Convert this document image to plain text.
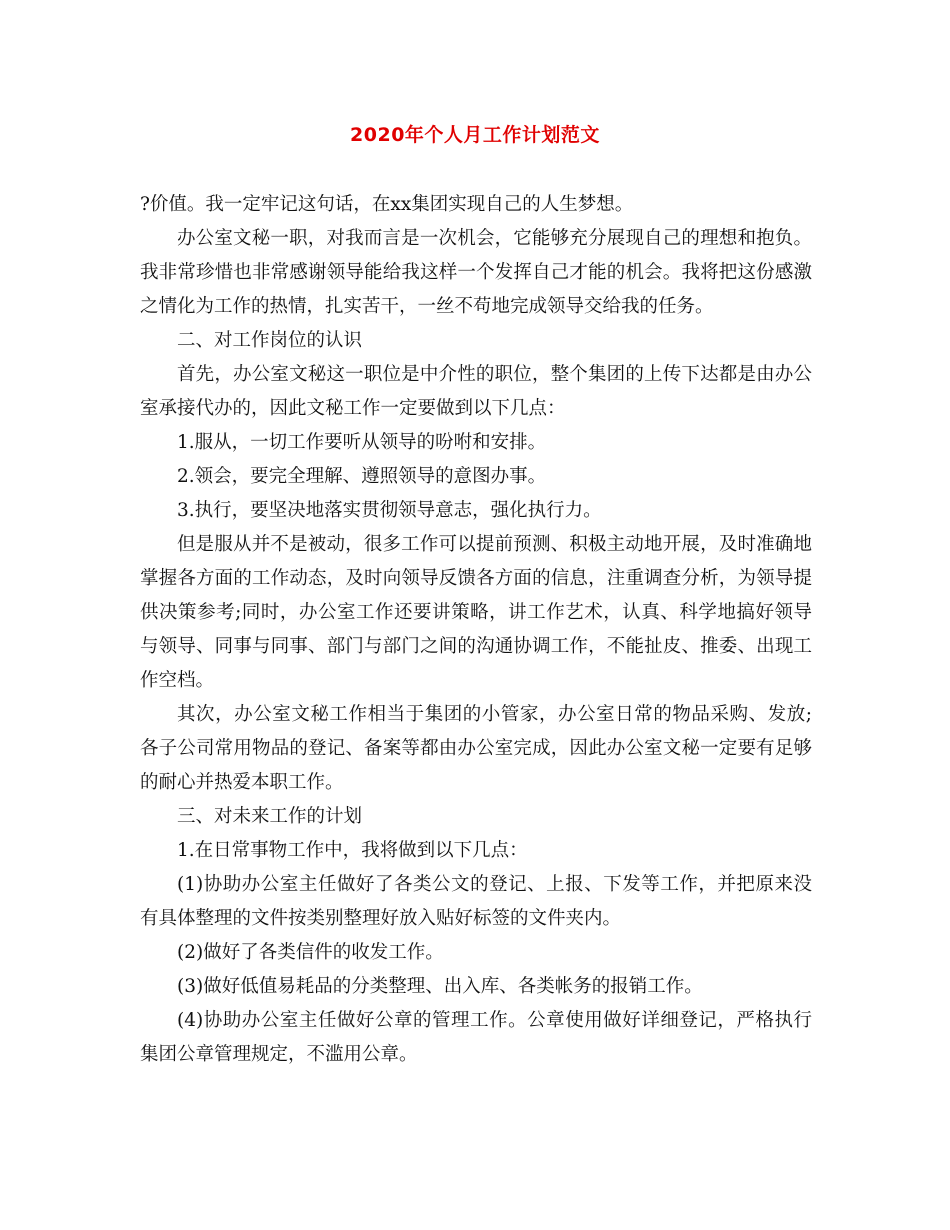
2020年个人月工作计划范文

?价值。我一定牢记这句话，在xx集团实现自己的人生梦想。

办公室文秘一职，对我而言是一次机会，它能够充分展现自己的理想和抱负。我非常珍惜也非常感谢领导能给我这样一个发挥自己才能的机会。我将把这份感激之情化为工作的热情，扎实苦干，一丝不苟地完成领导交给我的任务。

二、对工作岗位的认识

首先，办公室文秘这一职位是中介性的职位，整个集团的上传下达都是由办公室承接代办的，因此文秘工作一定要做到以下几点：

1.服从，一切工作要听从领导的吩咐和安排。

2.领会，要完全理解、遵照领导的意图办事。

3.执行，要坚决地落实贯彻领导意志，强化执行力。

但是服从并不是被动，很多工作可以提前预测、积极主动地开展，及时准确地掌握各方面的工作动态，及时向领导反馈各方面的信息，注重调查分析，为领导提供决策参考;同时，办公室工作还要讲策略，讲工作艺术，认真、科学地搞好领导与领导、同事与同事、部门与部门之间的沟通协调工作，不能扯皮、推委、出现工作空档。

其次，办公室文秘工作相当于集团的小管家，办公室日常的物品采购、发放;各子公司常用物品的登记、备案等都由办公室完成，因此办公室文秘一定要有足够的耐心并热爱本职工作。

三、对未来工作的计划

1.在日常事物工作中，我将做到以下几点：

(1)协助办公室主任做好了各类公文的登记、上报、下发等工作，并把原来没有具体整理的文件按类别整理好放入贴好标签的文件夹内。

(2)做好了各类信件的收发工作。

(3)做好低值易耗品的分类整理、出入库、各类帐务的报销工作。

(4)协助办公室主任做好公章的管理工作。公章使用做好详细登记，严格执行集团公章管理规定，不滥用公章。
